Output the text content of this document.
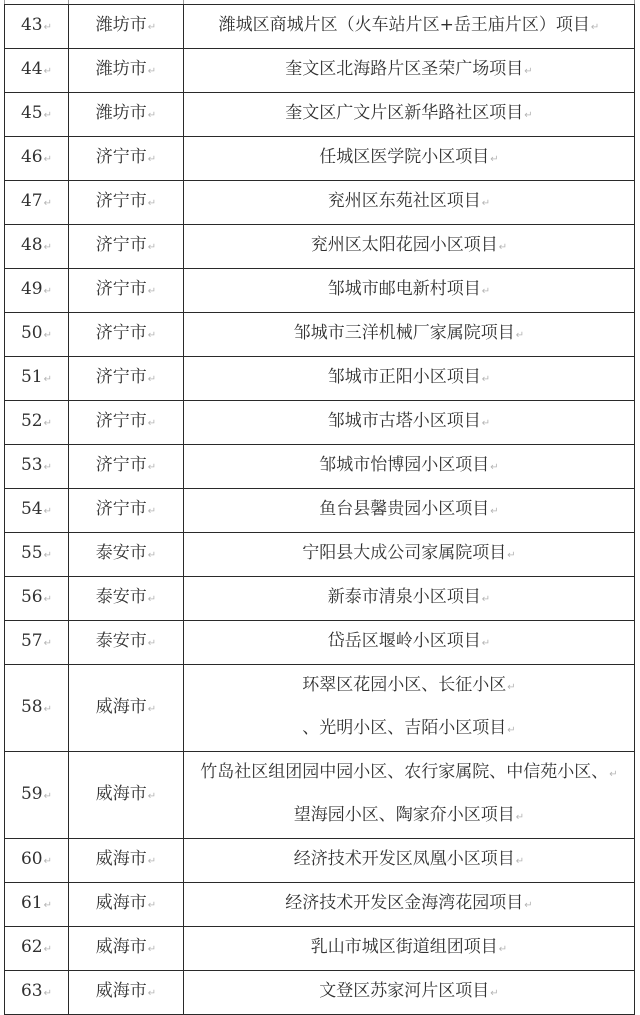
43↵	潍坊市↵	潍城区商城片区（火车站片区+岳王庙片区）项目↵

44↵	潍坊市↵	奎文区北海路片区圣荣广场项目↵

45↵	潍坊市↵	奎文区广文片区新华路社区项目↵

46↵	济宁市↵	任城区医学院小区项目↵

47↵	济宁市↵	兖州区东苑社区项目↵

48↵	济宁市↵	兖州区太阳花园小区项目↵

49↵	济宁市↵	邹城市邮电新村项目↵

50↵	济宁市↵	邹城市三洋机械厂家属院项目↵

51↵	济宁市↵	邹城市正阳小区项目↵

52↵	济宁市↵	邹城市古塔小区项目↵

53↵	济宁市↵	邹城市怡博园小区项目↵

54↵	济宁市↵	鱼台县馨贵园小区项目↵

55↵	泰安市↵	宁阳县大成公司家属院项目↵

56↵	泰安市↵	新泰市清泉小区项目↵

57↵	泰安市↵	岱岳区堰岭小区项目↵

58↵	威海市↵	环翠区花园小区、长征小区↵
、光明小区、吉陌小区项目↵

59↵	威海市↵	竹岛社区组团园中园小区、农行家属院、中信苑小区、↵
望海园小区、陶家夼小区项目↵

60↵	威海市↵	经济技术开发区凤凰小区项目↵

61↵	威海市↵	经济技术开发区金海湾花园项目↵

62↵	威海市↵	乳山市城区街道组团项目↵

63↵	威海市↵	文登区苏家河片区项目↵
